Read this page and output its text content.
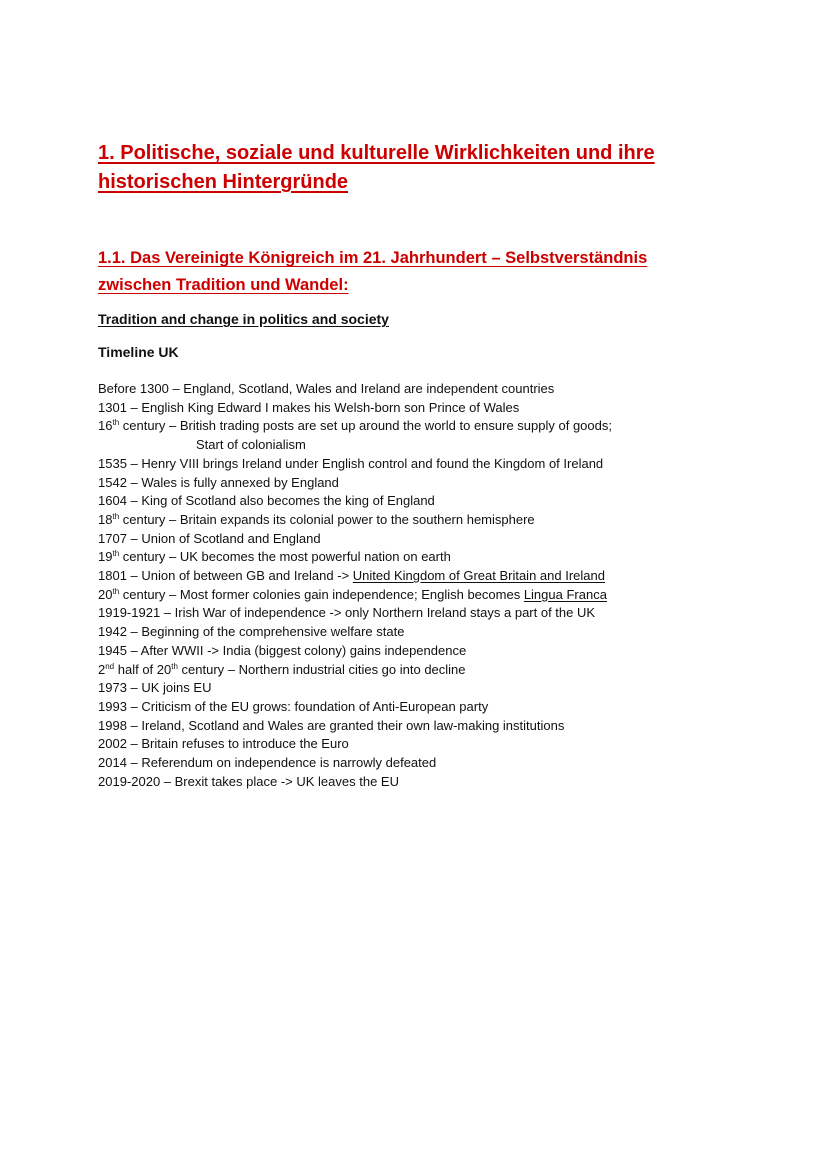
1. Politische, soziale und kulturelle Wirklichkeiten und ihre
historischen Hintergründe
1.1. Das Vereinigte Königreich im 21. Jahrhundert – Selbstverständnis
zwischen Tradition und Wandel:
Tradition and change in politics and society
Timeline UK
Before 1300 – England, Scotland, Wales and Ireland are independent countries
1301 – English King Edward I makes his Welsh-born son Prince of Wales
16th century – British trading posts are set up around the world to ensure supply of goods;
Start of colonialism
1535 – Henry VIII brings Ireland under English control and found the Kingdom of Ireland
1542 – Wales is fully annexed by England
1604 – King of Scotland also becomes the king of England
18th century – Britain expands its colonial power to the southern hemisphere
1707 – Union of Scotland and England
19th century – UK becomes the most powerful nation on earth
1801 – Union of between GB and Ireland -> United Kingdom of Great Britain and Ireland
20th century – Most former colonies gain independence; English becomes Lingua Franca
1919-1921 – Irish War of independence -> only Northern Ireland stays a part of the UK
1942 – Beginning of the comprehensive welfare state
1945 – After WWII -> India (biggest colony) gains independence
2nd half of 20th century – Northern industrial cities go into decline
1973 – UK joins EU
1993 – Criticism of the EU grows: foundation of Anti-European party
1998 – Ireland, Scotland and Wales are granted their own law-making institutions
2002 – Britain refuses to introduce the Euro
2014 – Referendum on independence is narrowly defeated
2019-2020 – Brexit takes place -> UK leaves the EU
